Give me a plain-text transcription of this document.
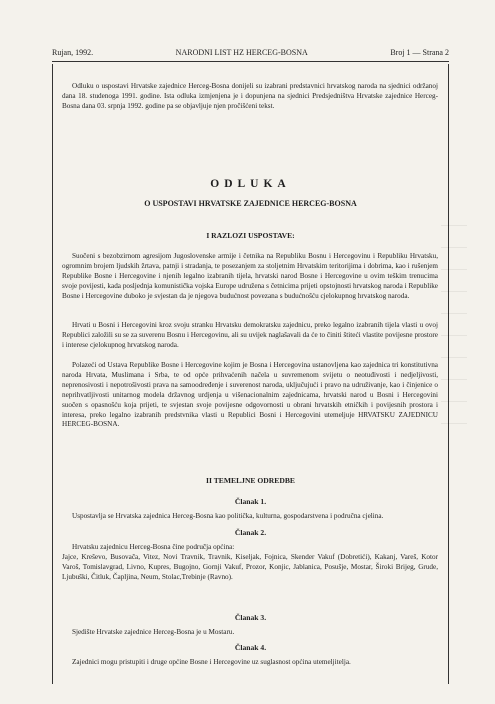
Rujan, 1992.	NARODNI LIST HZ HERCEG-BOSNA	Broj 1 — Strana 2

Odluku o uspostavi Hrvatske zajednice Herceg-Bosna donijeli su izabrani predstavnici hrvatskog naroda na sjednici održanoj dana 18. studenoga 1991. godine. Ista odluka izmjenjena je i dopunjena na sjednici Predsjedništva Hrvatske zajednice Herceg-Bosna dana 03. srpnja 1992. godine pa se objavljuje njen pročišćeni tekst.

ODLUKA
O USPOSTAVI HRVATSKE ZAJEDNICE HERCEG-BOSNA
I RAZLOZI USPOSTAVE:

Suočeni s bezobzirnom agresijom Jugoslovenske armije i četnika na Republiku Bosnu i Hercegovinu i Republiku Hrvatsku, ogromnim brojem ljudskih žrtava, patnji i stradanja, te posezanjem za stoljetnim Hrvatskim teritorijima i dobrima, kao i rušenjem Republike Bosne i Hercegovine i njenih legalno izabranih tijela, hrvatski narod Bosne i Hercegovine u ovim teškim trenucima svoje povijesti, kada posljednja komunistička vojska Europe udružena s četnicima prijeti opstojnosti hrvatskog naroda i Republike Bosne i Hercegovine duboko je svjestan da je njegova budućnost povezana s budućnošću cjelokupnog hrvatskog naroda.

Hrvati u Bosni i Hercegovini kroz svoju stranku Hrvatsku demokratsku zajednicu, preko legalno izabranih tijela vlasti u ovoj Republici založili su se za suverenu Bosnu i Hercegovinu, ali su uvijek naglašavali da će to činiti štiteći vlastite povijesne prostore i interese cjelokupnog hrvatskog naroda.

Polazeći od Ustava Republike Bosne i Hercegovine kojim je Bosna i Hercegovina ustanovljena kao zajednica tri konstitutivna naroda Hrvata, Muslimana i Srba, te od opće prihvaćenih načela u suvremenom svijetu o neotuđivosti i nedjeljivosti, neprenosivosti i nepotrošivosti prava na samoodređenje i suverenost naroda, uključujući i pravo na udruživanje, kao i činjenice o neprihvatljivosti unitarnog modela državnog urdjenja u višenacionalnim zajednicama, hrvatski narod u Bosni i Hercegovini suočen s opasnošću koja prijeti, te svjestan svoje povijesne odgovornosti u obrani hrvatskih etničkih i povijesnih prostora i interesa, preko legalno izabranih predstvnika vlasti u Republici Bosni i Hercegovini utemeljuje HRVATSKU ZAJEDNICU HERCEG-BOSNA.

II TEMELJNE ODREDBE
Članak 1.

Uspostavlja se Hrvatska zajednica Herceg-Bosna kao politička, kulturna, gospodarstvena i područna cjelina.

Članak 2.
Hrvatsku zajednicu Herceg-Bosna čine područja općina:
Jajce, Kreševo, Busovača, Vitez, Novi Travnik, Travnik, Kiseljak, Fojnica, Skender Vakuf (Dobretići), Kakanj, Vareš, Kotor Varoš, Tomislavgrad, Livno, Kupres, Bugojno, Gornji Vakuf, Prozor, Konjic, Jablanica, Posušje, Mostar, Široki Brijeg, Grude, Ljubuški, Čitluk, Čapljina, Neum, Stolac,Trebinje (Ravno).
Članak 3.

Sjedište Hrvatske zajednice Herceg-Bosna je u Mostaru.

Članak 4.

Zajednici mogu pristupiti i druge općine Bosne i Hercegovine uz suglasnost općina utemeljitelja.
